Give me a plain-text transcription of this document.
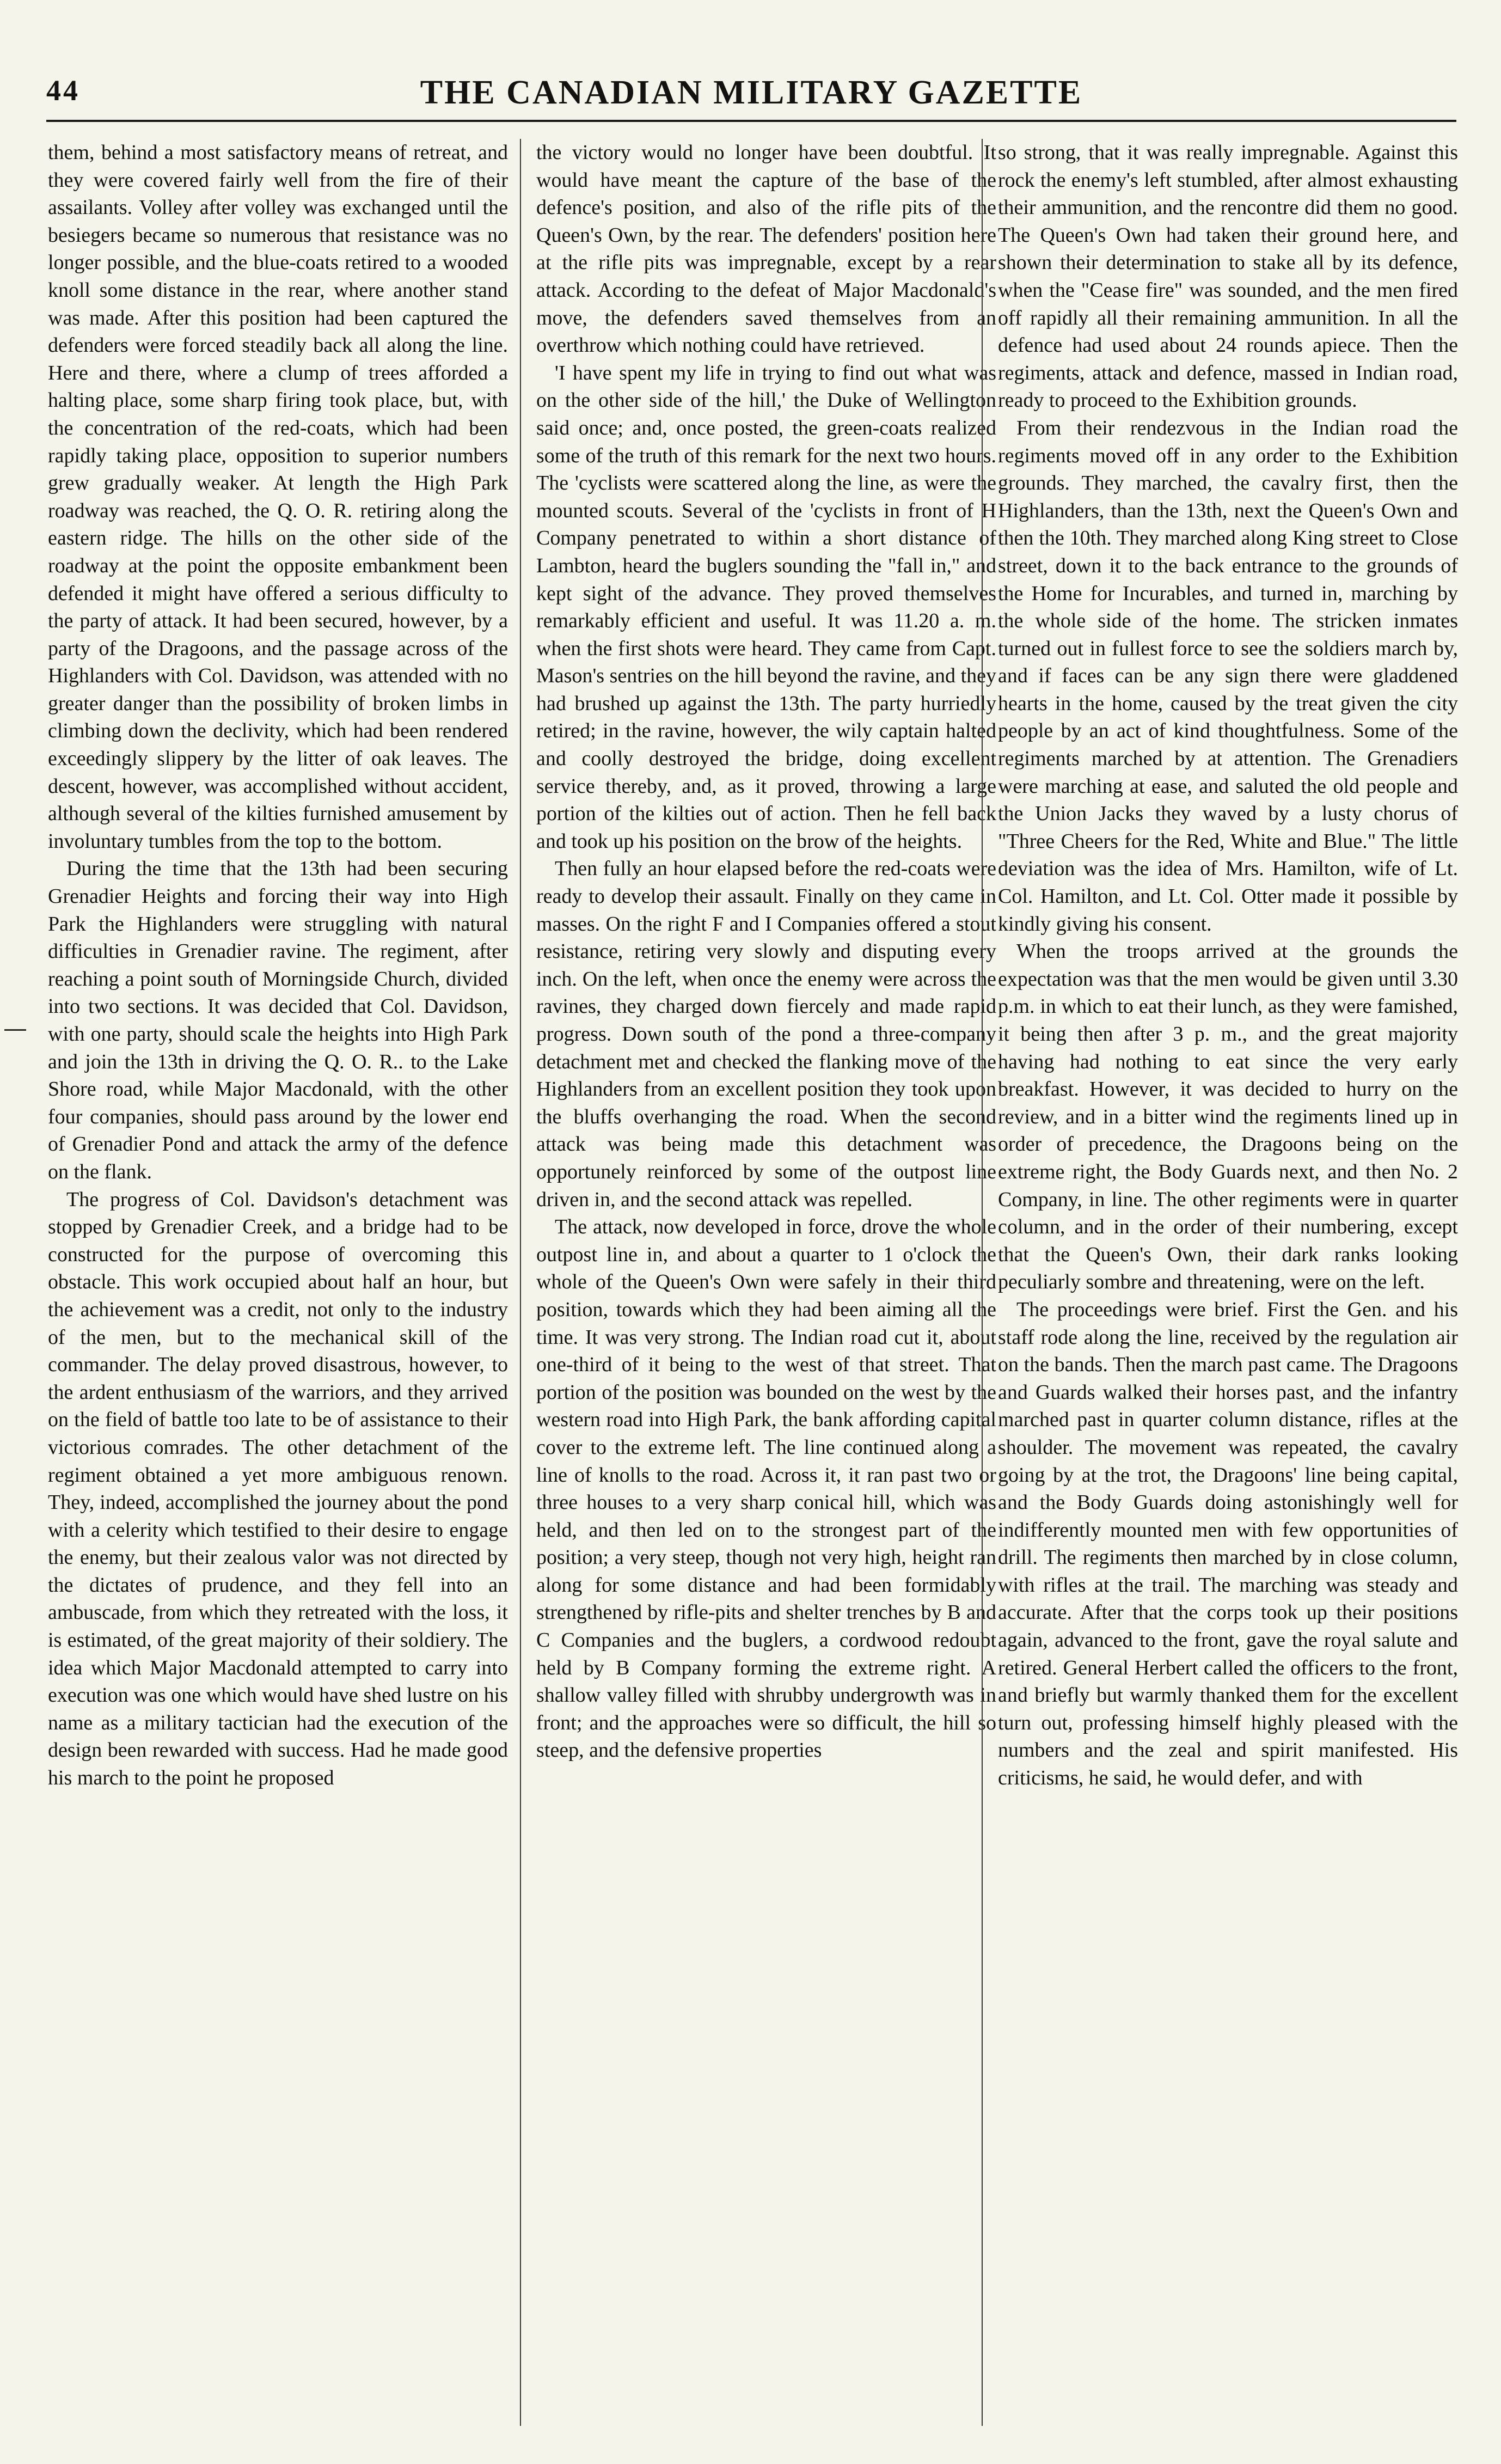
44	THE CANADIAN MILITARY GAZETTE

them, behind a most satisfactory means of retreat, and they were covered fairly well from the fire of their assailants. Volley after volley was exchanged until the besiegers became so numerous that resistance was no longer possible, and the blue-coats retired to a wooded knoll some distance in the rear, where another stand was made. After this position had been captured the defenders were forced steadily back all along the line. Here and there, where a clump of trees afforded a halting place, some sharp firing took place, but, with the concentration of the red-coats, which had been rapidly taking place, opposition to superior numbers grew gradually weaker. At length the High Park roadway was reached, the Q. O. R. retiring along the eastern ridge. The hills on the other side of the roadway at the point the opposite embankment been defended it might have offered a serious difficulty to the party of attack. It had been secured, however, by a party of the Dragoons, and the passage across of the Highlanders with Col. Davidson, was attended with no greater danger than the possibility of broken limbs in climbing down the declivity, which had been rendered exceedingly slippery by the litter of oak leaves. The descent, however, was accomplished without accident, although several of the kilties furnished amusement by involuntary tumbles from the top to the bottom.

During the time that the 13th had been securing Grenadier Heights and forcing their way into High Park the Highlanders were struggling with natural difficulties in Grenadier ravine. The regiment, after reaching a point south of Morningside Church, divided into two sections. It was decided that Col. Davidson, with one party, should scale the heights into High Park and join the 13th in driving the Q. O. R.. to the Lake Shore road, while Major Macdonald, with the other four companies, should pass around by the lower end of Grenadier Pond and attack the army of the defence on the flank.

The progress of Col. Davidson's detachment was stopped by Grenadier Creek, and a bridge had to be constructed for the purpose of overcoming this obstacle. This work occupied about half an hour, but the achievement was a credit, not only to the industry of the men, but to the mechanical skill of the commander. The delay proved disastrous, however, to the ardent enthusiasm of the warriors, and they arrived on the field of battle too late to be of assistance to their victorious comrades. The other detachment of the regiment obtained a yet more ambiguous renown. They, indeed, accomplished the journey about the pond with a celerity which testified to their desire to engage the enemy, but their zealous valor was not directed by the dictates of prudence, and they fell into an ambuscade, from which they retreated with the loss, it is estimated, of the great majority of their soldiery. The idea which Major Macdonald attempted to carry into execution was one which would have shed lustre on his name as a military tactician had the execution of the design been rewarded with success. Had he made good his march to the point he proposed

the victory would no longer have been doubtful. It would have meant the capture of the base of the defence's position, and also of the rifle pits of the Queen's Own, by the rear. The defenders' position here at the rifle pits was impregnable, except by a rear attack. According to the defeat of Major Macdonald's move, the defenders saved themselves from an overthrow which nothing could have retrieved.

'I have spent my life in trying to find out what was on the other side of the hill,' the Duke of Wellington said once; and, once posted, the green-coats realized some of the truth of this remark for the next two hours. The 'cyclists were scattered along the line, as were the mounted scouts. Several of the 'cyclists in front of H Company penetrated to within a short distance of Lambton, heard the buglers sounding the "fall in," and kept sight of the advance. They proved themselves remarkably efficient and useful. It was 11.20 a. m. when the first shots were heard. They came from Capt. Mason's sentries on the hill beyond the ravine, and they had brushed up against the 13th. The party hurriedly retired; in the ravine, however, the wily captain halted and coolly destroyed the bridge, doing excellent service thereby, and, as it proved, throwing a large portion of the kilties out of action. Then he fell back and took up his position on the brow of the heights.

Then fully an hour elapsed before the red-coats were ready to develop their assault. Finally on they came in masses. On the right F and I Companies offered a stout resistance, retiring very slowly and disputing every inch. On the left, when once the enemy were across the ravines, they charged down fiercely and made rapid progress. Down south of the pond a three-company detachment met and checked the flanking move of the Highlanders from an excellent position they took upon the bluffs overhanging the road. When the second attack was being made this detachment was opportunely reinforced by some of the outpost line driven in, and the second attack was repelled.

The attack, now developed in force, drove the whole outpost line in, and about a quarter to 1 o'clock the whole of the Queen's Own were safely in their third position, towards which they had been aiming all the time. It was very strong. The Indian road cut it, about one-third of it being to the west of that street. That portion of the position was bounded on the west by the western road into High Park, the bank affording capital cover to the extreme left. The line continued along a line of knolls to the road. Across it, it ran past two or three houses to a very sharp conical hill, which was held, and then led on to the strongest part of the position; a very steep, though not very high, height ran along for some distance and had been formidably strengthened by rifle-pits and shelter trenches by B and C Companies and the buglers, a cordwood redoubt held by B Company forming the extreme right. A shallow valley filled with shrubby undergrowth was in front; and the approaches were so difficult, the hill so steep, and the defensive properties

so strong, that it was really impregnable. Against this rock the enemy's left stumbled, after almost exhausting their ammunition, and the rencontre did them no good. The Queen's Own had taken their ground here, and shown their determination to stake all by its defence, when the "Cease fire" was sounded, and the men fired off rapidly all their remaining ammunition. In all the defence had used about 24 rounds apiece. Then the regiments, attack and defence, massed in Indian road, ready to proceed to the Exhibition grounds.

From their rendezvous in the Indian road the regiments moved off in any order to the Exhibition grounds. They marched, the cavalry first, then the Highlanders, than the 13th, next the Queen's Own and then the 10th. They marched along King street to Close street, down it to the back entrance to the grounds of the Home for Incurables, and turned in, marching by the whole side of the home. The stricken inmates turned out in fullest force to see the soldiers march by, and if faces can be any sign there were gladdened hearts in the home, caused by the treat given the city people by an act of kind thoughtfulness. Some of the regiments marched by at attention. The Grenadiers were marching at ease, and saluted the old people and the Union Jacks they waved by a lusty chorus of "Three Cheers for the Red, White and Blue." The little deviation was the idea of Mrs. Hamilton, wife of Lt. Col. Hamilton, and Lt. Col. Otter made it possible by kindly giving his consent.

When the troops arrived at the grounds the expectation was that the men would be given until 3.30 p.m. in which to eat their lunch, as they were famished, it being then after 3 p. m., and the great majority having had nothing to eat since the very early breakfast. However, it was decided to hurry on the review, and in a bitter wind the regiments lined up in order of precedence, the Dragoons being on the extreme right, the Body Guards next, and then No. 2 Company, in line. The other regiments were in quarter column, and in the order of their numbering, except that the Queen's Own, their dark ranks looking peculiarly sombre and threatening, were on the left.

The proceedings were brief. First the Gen. and his staff rode along the line, received by the regulation air on the bands. Then the march past came. The Dragoons and Guards walked their horses past, and the infantry marched past in quarter column distance, rifles at the shoulder. The movement was repeated, the cavalry going by at the trot, the Dragoons' line being capital, and the Body Guards doing astonishingly well for indifferently mounted men with few opportunities of drill. The regiments then marched by in close column, with rifles at the trail. The marching was steady and accurate. After that the corps took up their positions again, advanced to the front, gave the royal salute and retired. General Herbert called the officers to the front, and briefly but warmly thanked them for the excellent turn out, professing himself highly pleased with the numbers and the zeal and spirit manifested. His criticisms, he said, he would defer, and with
